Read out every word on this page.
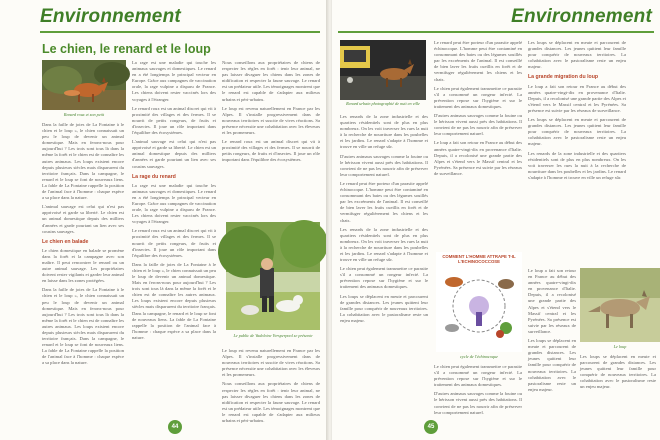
Environnement
Le chien, le renard et le loup
Renard roux et son petit

Dans la faille de joies de La Fontaine à le chien et le loup », le chien connaissait un peu le loup de devenir un animal domestique. Mais en ferons-nous pour aujourd'hui ? Les trois sont tous là dans la même la forêt et le chien est de connaître les autres animaux. Les loups existent encore depuis plusieurs siècles mais disparurent du territoire français. Dans la campagne, le renard et le loup se font de nouveaux liens. La fable de La Fontaine rappelle la position de l'animal face à l'homme : chaque espèce a sa place dans la nature.

L'animal sauvage est celui qui n'est pas apprivoisé et garde sa liberté. Le chien est un animal domestique depuis des milliers d'années et garde pourtant un lien avec ses cousins sauvages.

Le chien en balade

Le chien domestique en balade se promène dans la forêt et la campagne avec son maître. Il peut rencontrer le renard ou un autre animal sauvage. Les propriétaires doivent rester vigilants et garder leur animal en laisse dans les zones protégées.

Dans la faille de joies de La Fontaine à le chien et le loup », le chien connaissait un peu le loup de devenir un animal domestique. Mais en ferons-nous pour aujourd'hui ? Les trois sont tous là dans la même la forêt et le chien est de connaître les autres animaux. Les loups existent encore depuis plusieurs siècles mais disparurent du territoire français. Dans la campagne, le renard et le loup se font de nouveaux liens. La fable de La Fontaine rappelle la position de l'animal face à l'homme : chaque espèce a sa place dans la nature.

La rage est une maladie qui touche les animaux sauvages et domestiques. Le renard en a été longtemps le principal vecteur en Europe. Grâce aux campagnes de vaccination orale, la rage vulpine a disparu de France. Les chiens doivent rester vaccinés lors des voyages à l'étranger.

Le renard roux est un animal discret qui vit à proximité des villages et des fermes. Il se nourrit de petits rongeurs, de fruits et d'insectes. Il joue un rôle important dans l'équilibre des écosystèmes.

L'animal sauvage est celui qui n'est pas apprivoisé et garde sa liberté. Le chien est un animal domestique depuis des milliers d'années et garde pourtant un lien avec ses cousins sauvages.

La rage du renard

La rage est une maladie qui touche les animaux sauvages et domestiques. Le renard en a été longtemps le principal vecteur en Europe. Grâce aux campagnes de vaccination orale, la rage vulpine a disparu de France. Les chiens doivent rester vaccinés lors des voyages à l'étranger.

Le renard roux est un animal discret qui vit à proximité des villages et des fermes. Il se nourrit de petits rongeurs, de fruits et d'insectes. Il joue un rôle important dans l'équilibre des écosystèmes.

Dans la faille de joies de La Fontaine à le chien et le loup », le chien connaissait un peu le loup de devenir un animal domestique. Mais en ferons-nous pour aujourd'hui ? Les trois sont tous là dans la même la forêt et le chien est de connaître les autres animaux. Les loups existent encore depuis plusieurs siècles mais disparurent du territoire français. Dans la campagne, le renard et le loup se font de nouveaux liens. La fable de La Fontaine rappelle la position de l'animal face à l'homme : chaque espèce a sa place dans la nature.

Nous conseillons aux propriétaires de chiens de respecter les règles en forêt : tenir leur animal, ne pas laisser divaguer les chiens dans les zones de nidification et respecter la faune sauvage. Le renard est un prédateur utile. Les témoignages montrent que le renard est capable de s'adapter aux milieux urbains et péri-urbains.

Le loup est revenu naturellement en France par les Alpes. Il s'installe progressivement dans de nouveaux territoires et suscite de vives réactions. Sa présence nécessite une cohabitation avec les éleveurs et les promeneurs.

Le renard roux est un animal discret qui vit à proximité des villages et des fermes. Il se nourrit de petits rongeurs, de fruits et d'insectes. Il joue un rôle important dans l'équilibre des écosystèmes.

Le public de Vadeleine Versperpool se présente

Le loup est revenu naturellement en France par les Alpes. Il s'installe progressivement dans de nouveaux territoires et suscite de vives réactions. Sa présence nécessite une cohabitation avec les éleveurs et les promeneurs.

Nous conseillons aux propriétaires de chiens de respecter les règles en forêt : tenir leur animal, ne pas laisser divaguer les chiens dans les zones de nidification et respecter la faune sauvage. Le renard est un prédateur utile. Les témoignages montrent que le renard est capable de s'adapter aux milieux urbains et péri-urbains.

44
Environnement
Renard urbain photographié de nuit en ville

Les renards de la zone industrielle et des quartiers résidentiels sont de plus en plus nombreux. On les voit traverser les rues la nuit à la recherche de nourriture dans les poubelles et les jardins. Le renard s'adapte à l'homme et trouve en ville un refuge sûr.

D'autres animaux sauvages comme la fouine ou le hérisson vivent aussi près des habitations. Il convient de ne pas les nourrir afin de préserver leur comportement naturel.

Le renard peut être porteur d'un parasite appelé échinocoque. L'homme peut être contaminé en consommant des baies ou des légumes souillés par les excréments de l'animal. Il est conseillé de bien laver les fruits cueillis en forêt et de vermifuger régulièrement les chiens et les chats.

Les renards de la zone industrielle et des quartiers résidentiels sont de plus en plus nombreux. On les voit traverser les rues la nuit à la recherche de nourriture dans les poubelles et les jardins. Le renard s'adapte à l'homme et trouve en ville un refuge sûr.

Le chien peut également transmettre ce parasite s'il a consommé un rongeur infecté. La prévention repose sur l'hygiène et sur le traitement des animaux domestiques.

Les loups se déplacent en meute et parcourent de grandes distances. Les jeunes quittent leur famille pour conquérir de nouveaux territoires. La cohabitation avec le pastoralisme reste un enjeu majeur.

Le renard peut être porteur d'un parasite appelé échinocoque. L'homme peut être contaminé en consommant des baies ou des légumes souillés par les excréments de l'animal. Il est conseillé de bien laver les fruits cueillis en forêt et de vermifuger régulièrement les chiens et les chats.

Le chien peut également transmettre ce parasite s'il a consommé un rongeur infecté. La prévention repose sur l'hygiène et sur le traitement des animaux domestiques.

D'autres animaux sauvages comme la fouine ou le hérisson vivent aussi près des habitations. Il convient de ne pas les nourrir afin de préserver leur comportement naturel.

Le loup a fait son retour en France au début des années quatre-vingt-dix en provenance d'Italie. Depuis, il a recolonisé une grande partie des Alpes et s'étend vers le Massif central et les Pyrénées. Sa présence est suivie par les réseaux de surveillance.

COMMENT L'HOMME ATTRAPE T-IL L'ECHINOCOCCOSE
cycle de l'échinocoque

Le chien peut également transmettre ce parasite s'il a consommé un rongeur infecté. La prévention repose sur l'hygiène et sur le traitement des animaux domestiques.

D'autres animaux sauvages comme la fouine ou le hérisson vivent aussi près des habitations. Il convient de ne pas les nourrir afin de préserver leur comportement naturel.

Les loups se déplacent en meute et parcourent de grandes distances. Les jeunes quittent leur famille pour conquérir de nouveaux territoires. La cohabitation avec le pastoralisme reste un enjeu majeur.

La grande migration du loup

Le loup a fait son retour en France au début des années quatre-vingt-dix en provenance d'Italie. Depuis, il a recolonisé une grande partie des Alpes et s'étend vers le Massif central et les Pyrénées. Sa présence est suivie par les réseaux de surveillance.

Les loups se déplacent en meute et parcourent de grandes distances. Les jeunes quittent leur famille pour conquérir de nouveaux territoires. La cohabitation avec le pastoralisme reste un enjeu majeur.

Les renards de la zone industrielle et des quartiers résidentiels sont de plus en plus nombreux. On les voit traverser les rues la nuit à la recherche de nourriture dans les poubelles et les jardins. Le renard s'adapte à l'homme et trouve en ville un refuge sûr.

Le loup

Le loup a fait son retour en France au début des années quatre-vingt-dix en provenance d'Italie. Depuis, il a recolonisé une grande partie des Alpes et s'étend vers le Massif central et les Pyrénées. Sa présence est suivie par les réseaux de surveillance.

Les loups se déplacent en meute et parcourent de grandes distances. Les jeunes quittent leur famille pour conquérir de nouveaux territoires. La cohabitation avec le pastoralisme reste un enjeu majeur.

Les loups se déplacent en meute et parcourent de grandes distances. Les jeunes quittent leur famille pour conquérir de nouveaux territoires. La cohabitation avec le pastoralisme reste un enjeu majeur.

45
